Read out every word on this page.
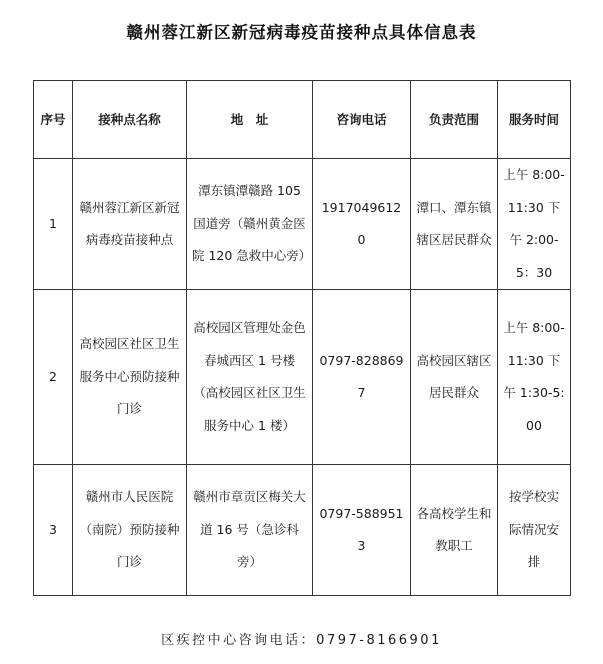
赣州蓉江新区新冠病毒疫苗接种点具体信息表
序号	接种点名称	地　址	咨询电话	负责范围	服务时间
1	赣州蓉江新区新冠病毒疫苗接种点	潭东镇潭赣路 105 国道旁（赣州黄金医院 120 急救中心旁）	19170496120	潭口、潭东镇辖区居民群众	上午 8:00-11:30 下午 2:00-5：30
2	高校园区社区卫生服务中心预防接种门诊	高校园区管理处金色春城西区 1 号楼（高校园区社区卫生服务中心 1 楼）	0797-8288697	高校园区辖区居民群众	上午 8:00-11:30 下午 1:30-5:00
3	赣州市人民医院（南院）预防接种门诊	赣州市章贡区梅关大道 16 号（急诊科旁）	0797-5889513	各高校学生和教职工	按学校实际情况安排
区疾控中心咨询电话：0797-8166901
